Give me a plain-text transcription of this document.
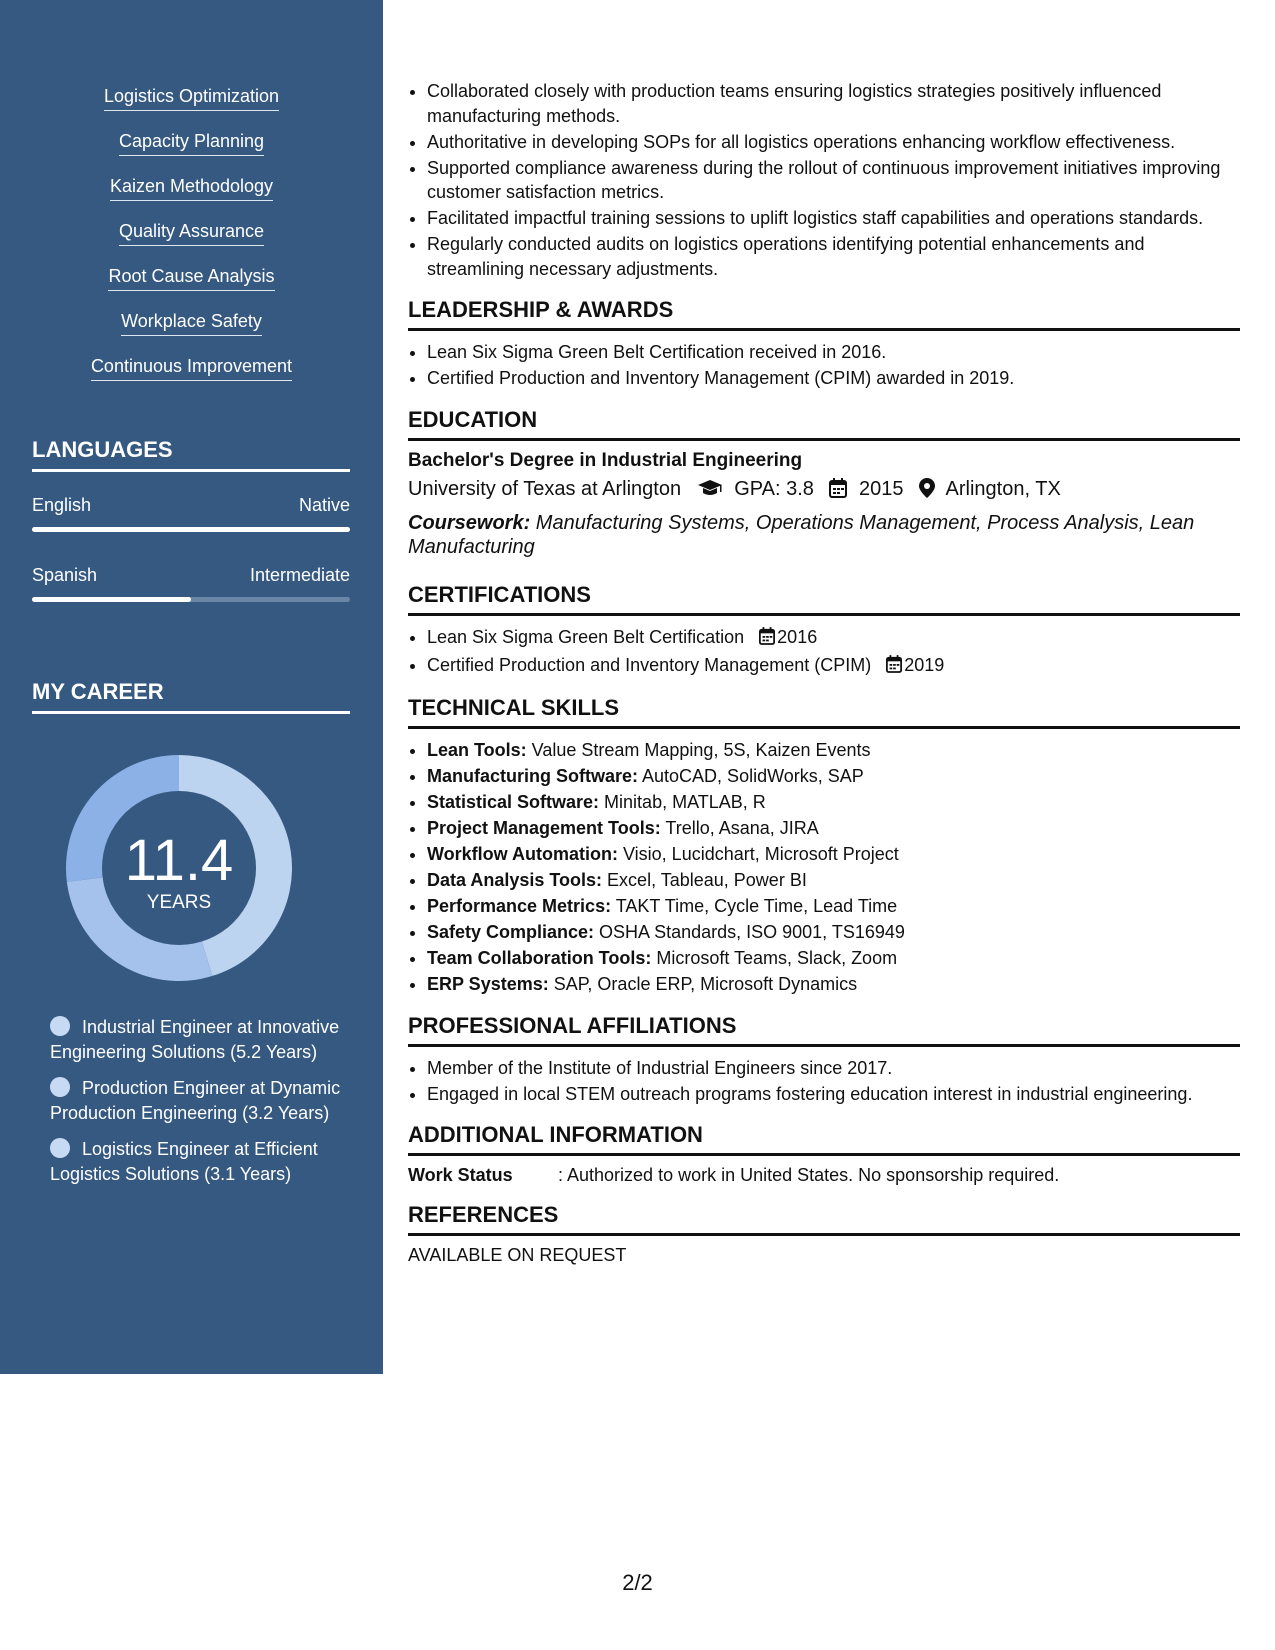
Logistics Optimization
Capacity Planning
Kaizen Methodology
Quality Assurance
Root Cause Analysis
Workplace Safety
Continuous Improvement
LANGUAGES
English	Native
Spanish	Intermediate
MY CAREER
11.4
YEARS
Industrial Engineer at Innovative Engineering Solutions (5.2 Years)
Production Engineer at Dynamic Production Engineering (3.2 Years)
Logistics Engineer at Efficient Logistics Solutions (3.1 Years)
• Collaborated closely with production teams ensuring logistics strategies positively influenced manufacturing methods.
• Authoritative in developing SOPs for all logistics operations enhancing workflow effectiveness.
• Supported compliance awareness during the rollout of continuous improvement initiatives improving customer satisfaction metrics.
• Facilitated impactful training sessions to uplift logistics staff capabilities and operations standards.
• Regularly conducted audits on logistics operations identifying potential enhancements and streamlining necessary adjustments.
LEADERSHIP & AWARDS
• Lean Six Sigma Green Belt Certification received in 2016.
• Certified Production and Inventory Management (CPIM) awarded in 2019.
EDUCATION
Bachelor's Degree in Industrial Engineering
University of Texas at Arlington	GPA: 3.8 2015 Arlington, TX
Coursework: Manufacturing Systems, Operations Management, Process Analysis, Lean Manufacturing
CERTIFICATIONS
• Lean Six Sigma Green Belt Certification 2016
• Certified Production and Inventory Management (CPIM) 2019
TECHNICAL SKILLS
• Lean Tools: Value Stream Mapping, 5S, Kaizen Events
• Manufacturing Software: AutoCAD, SolidWorks, SAP
• Statistical Software: Minitab, MATLAB, R
• Project Management Tools: Trello, Asana, JIRA
• Workflow Automation: Visio, Lucidchart, Microsoft Project
• Data Analysis Tools: Excel, Tableau, Power BI
• Performance Metrics: TAKT Time, Cycle Time, Lead Time
• Safety Compliance: OSHA Standards, ISO 9001, TS16949
• Team Collaboration Tools: Microsoft Teams, Slack, Zoom
• ERP Systems: SAP, Oracle ERP, Microsoft Dynamics
PROFESSIONAL AFFILIATIONS
• Member of the Institute of Industrial Engineers since 2017.
• Engaged in local STEM outreach programs fostering education interest in industrial engineering.
ADDITIONAL INFORMATION
Work Status	: Authorized to work in United States. No sponsorship required.
REFERENCES
AVAILABLE ON REQUEST
2/2
